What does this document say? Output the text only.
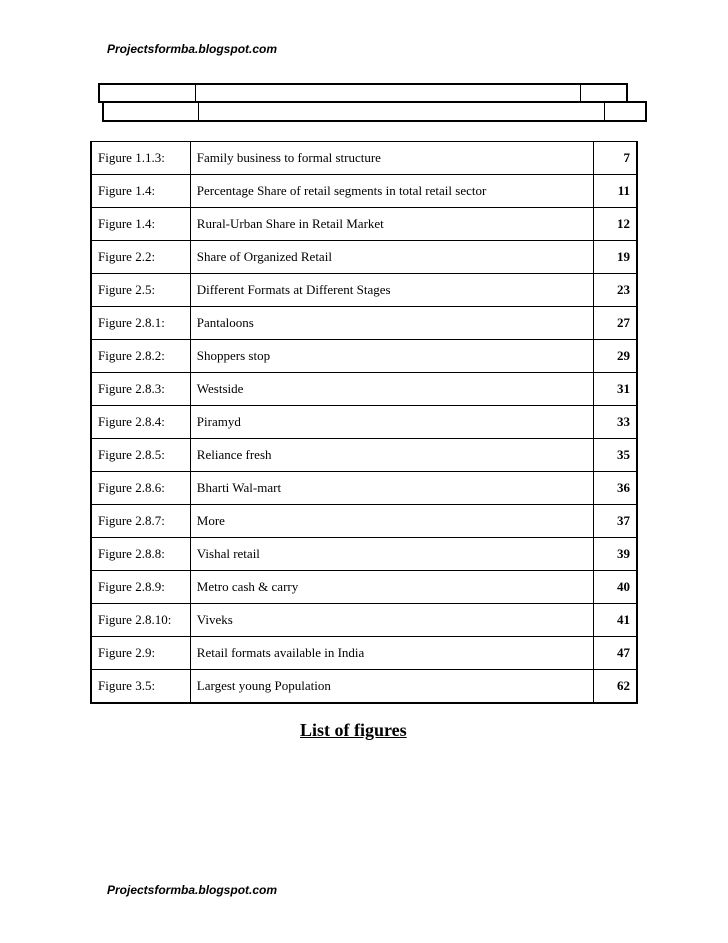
Projectsformba.blogspot.com
Figure 1.1.3:	Family business to formal structure	7
Figure 1.4:	Percentage Share of retail segments in total retail sector	11
Figure 1.4:	Rural-Urban Share in Retail Market	12
Figure 2.2:	Share of Organized Retail	19
Figure 2.5:	Different Formats at Different Stages	23
Figure 2.8.1:	Pantaloons	27
Figure 2.8.2:	Shoppers stop	29
Figure 2.8.3:	Westside	31
Figure 2.8.4:	Piramyd	33
Figure 2.8.5:	Reliance fresh	35
Figure 2.8.6:	Bharti Wal-mart	36
Figure 2.8.7:	More	37
Figure 2.8.8:	Vishal retail	39
Figure 2.8.9:	Metro cash & carry	40
Figure 2.8.10:	Viveks	41
Figure 2.9:	Retail formats available in India	47
Figure 3.5:	Largest young Population	62
List of figures
Projectsformba.blogspot.com
